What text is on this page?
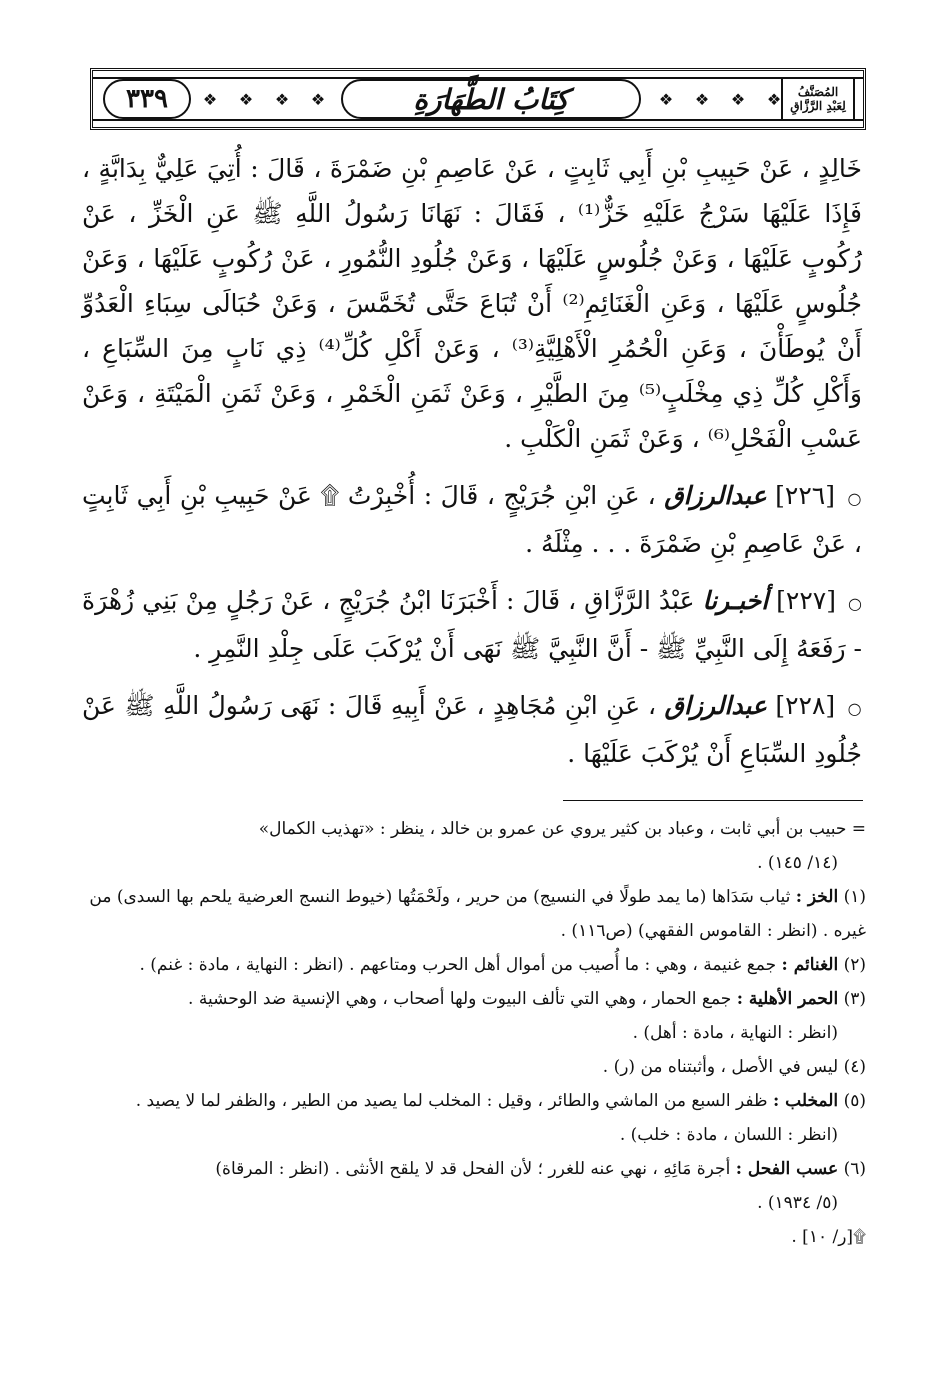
❖	❖	❖	❖	❖	❖	❖	❖
٣٣٩	كِتَابُ الطَّهَارَةِ	المُصَنَّفُ
لِعَبْدِ الرَّزَّاقِ

خَالِدٍ ، عَنْ حَبِيبِ بْنِ أَبِي ثَابِتٍ ، عَنْ عَاصِمِ بْنِ ضَمْرَةَ ، قَالَ : أُتِيَ عَلِيٌّ بِدَابَّةٍ ، فَإِذَا عَلَيْهَا سَرْجُ عَلَيْهِ خَزٌّ⁽¹⁾ ، فَقَالَ : نَهَانَا رَسُولُ اللَّهِ ﷺ عَنِ الْخَزِّ ، عَنْ رُكُوبٍ عَلَيْهَا ، وَعَنْ جُلُوسٍ عَلَيْهَا ، وَعَنْ جُلُودِ النُّمُورِ ، عَنْ رُكُوبٍ عَلَيْهَا ، وَعَنْ جُلُوسٍ عَلَيْهَا ، وَعَنِ الْغَنَائِمِ⁽²⁾ أَنْ تُبَاعَ حَتَّى تُخَمَّسَ ، وَعَنْ حُبَالَى سِبَاءِ الْعَدُوِّ أَنْ يُوطَأْنَ ، وَعَنِ الْحُمُرِ الْأَهْلِيَّةِ⁽³⁾ ، وَعَنْ أَكْلِ كُلِّ⁽⁴⁾ ذِي نَابٍ مِنَ السِّبَاعِ ، وَأَكْلِ كُلِّ ذِي مِخْلَبٍ⁽⁵⁾ مِنَ الطَّيْرِ ، وَعَنْ ثَمَنِ الْخَمْرِ ، وَعَنْ ثَمَنِ الْمَيْتَةِ ، وَعَنْ عَسْبِ الْفَحْلِ⁽⁶⁾ ، وَعَنْ ثَمَنِ الْكَلْبِ .

○ [٢٢٦] عبدالرزاق ، عَنِ ابْنِ جُرَيْجٍ ، قَالَ : أُخْبِرْتُ ۩ عَنْ حَبِيبِ بْنِ أَبِي ثَابِتٍ ، عَنْ عَاصِمِ بْنِ ضَمْرَةَ . . . مِثْلَهُ .

○ [٢٢٧] أخبـرنا عَبْدُ الرَّزَّاقِ ، قَالَ : أَخْبَرَنَا ابْنُ جُرَيْجٍ ، عَنْ رَجُلٍ مِنْ بَنِي زُهْرَةَ - رَفَعَهُ إِلَى النَّبِيِّ ﷺ - أَنَّ النَّبِيَّ ﷺ نَهَى أَنْ يُرْكَبَ عَلَى جِلْدِ النَّمِرِ .

○ [٢٢٨] عبدالرزاق ، عَنِ ابْنِ مُجَاهِدٍ ، عَنْ أَبِيهِ قَالَ : نَهَى رَسُولُ اللَّهِ ﷺ عَنْ جُلُودِ السِّبَاعِ أَنْ يُرْكَبَ عَلَيْهَا .

= حبيب بن أبي ثابت ، وعباد بن كثير يروي عن عمرو بن خالد ، ينظر : «تهذيب الكمال»

(١٤/ ١٤٥) .

(١) الخز : ثياب سَدَاها (ما يمد طولًا في النسيج) من حرير ، ولَحْمَتُها (خيوط النسج العرضية يلحم بها السدى) من غيره . (انظر : القاموس الفقهي) (ص١١٦) .

(٢) الغنائم : جمع غنيمة ، وهي : ما أُصيب من أموال أهل الحرب ومتاعهم . (انظر : النهاية ، مادة : غنم) .

(٣) الحمر الأهلية : جمع الحمار ، وهي التي تألف البيوت ولها أصحاب ، وهي الإنسية ضد الوحشية .

(انظر : النهاية ، مادة : أهل) .

(٤) ليس في الأصل ، وأثبتناه من (ر) .

(٥) المخلب : ظفر السبع من الماشي والطائر ، وقيل : المخلب لما يصيد من الطير ، والظفر لما لا يصيد .

(انظر : اللسان ، مادة : خلب) .

(٦) عسب الفحل : أجرة مَائِهِ ، نهي عنه للغرر ؛ لأن الفحل قد لا يلقح الأنثى . (انظر : المرقاة)

(٥/ ١٩٣٤) .

۩[ر/ ١٠] .
